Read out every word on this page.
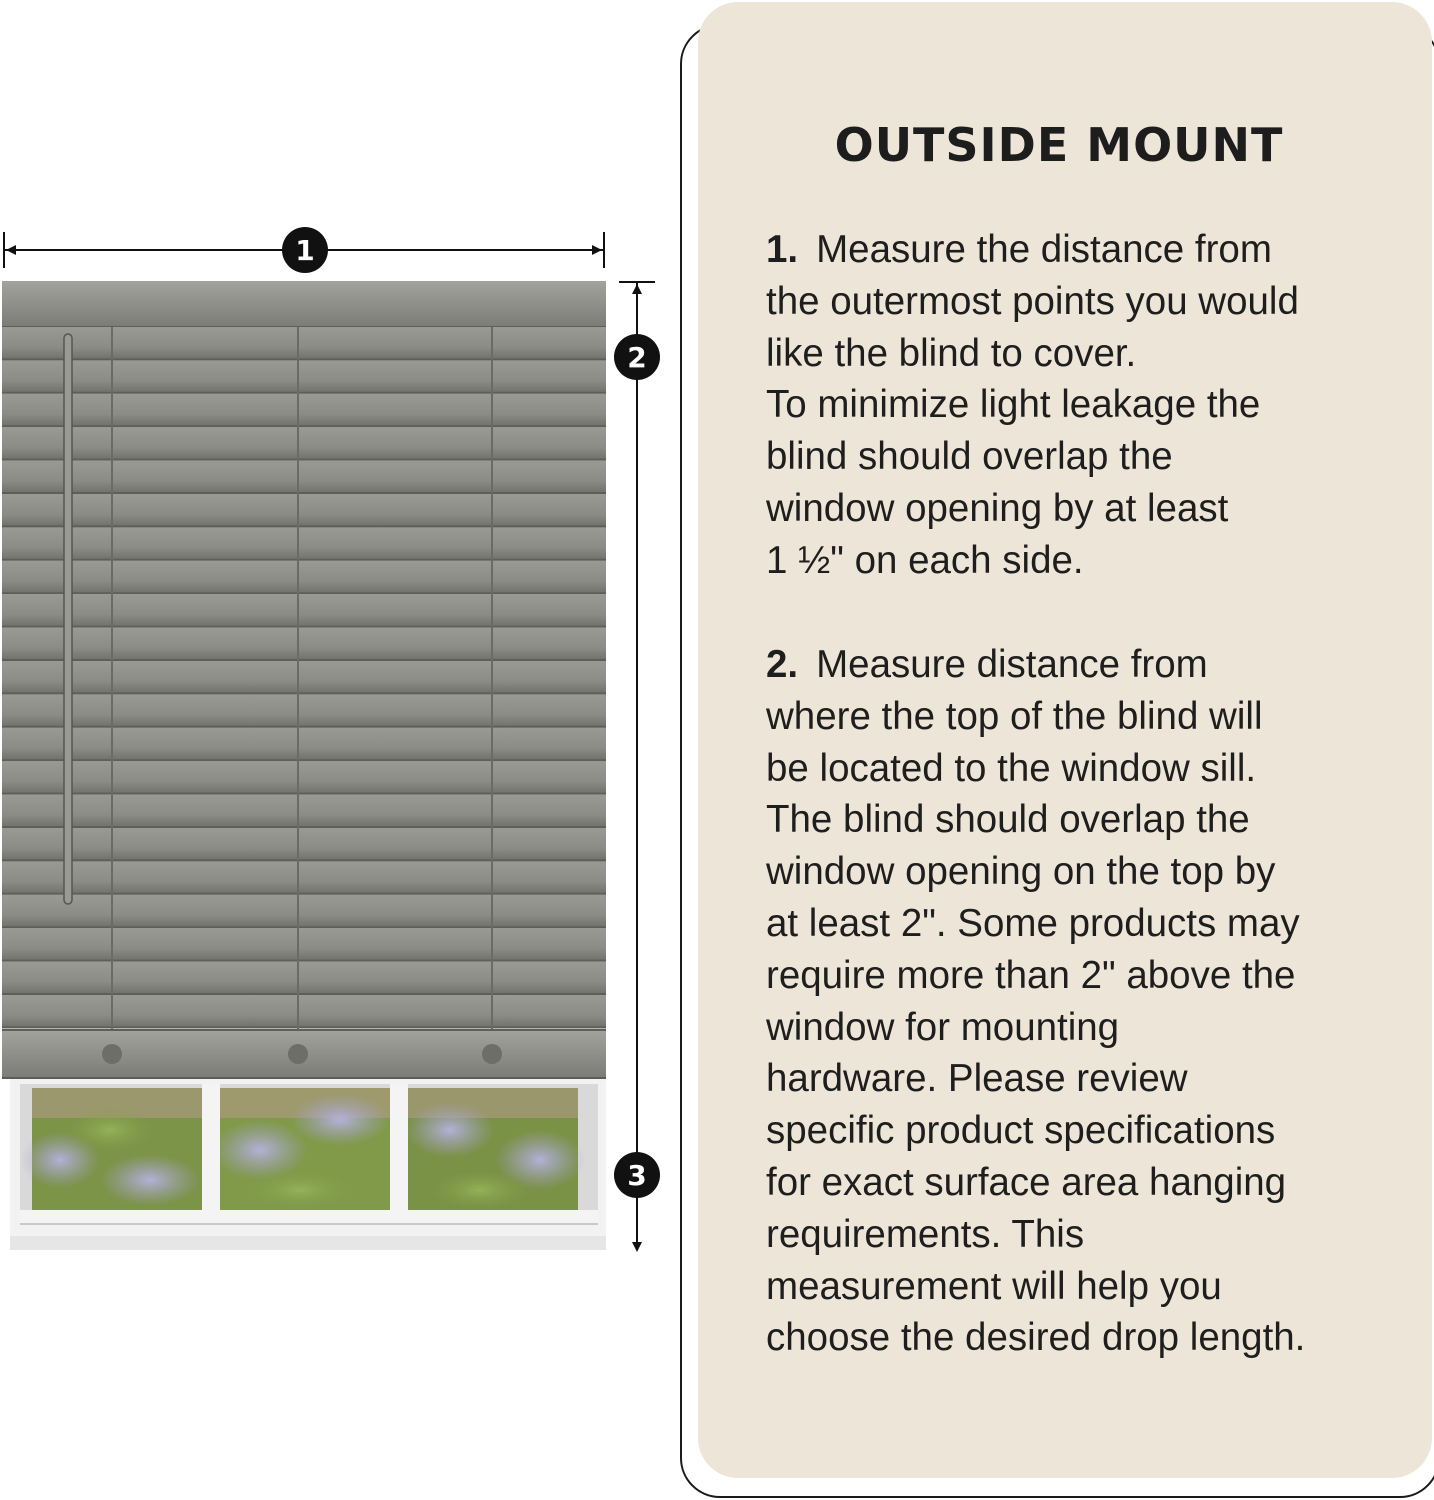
1
2
3
OUTSIDE MOUNT

1. Measure the distance from
the outermost points you would
like the blind to cover.
To minimize light leakage the
blind should overlap the
window opening by at least
1 ½" on each side.

2. Measure distance from
where the top of the blind will
be located to the window sill.
The blind should overlap the
window opening on the top by
at least 2". Some products may
require more than 2" above the
window for mounting
hardware. Please review
specific product specifications
for exact surface area hanging
requirements. This
measurement will help you
choose the desired drop length.
